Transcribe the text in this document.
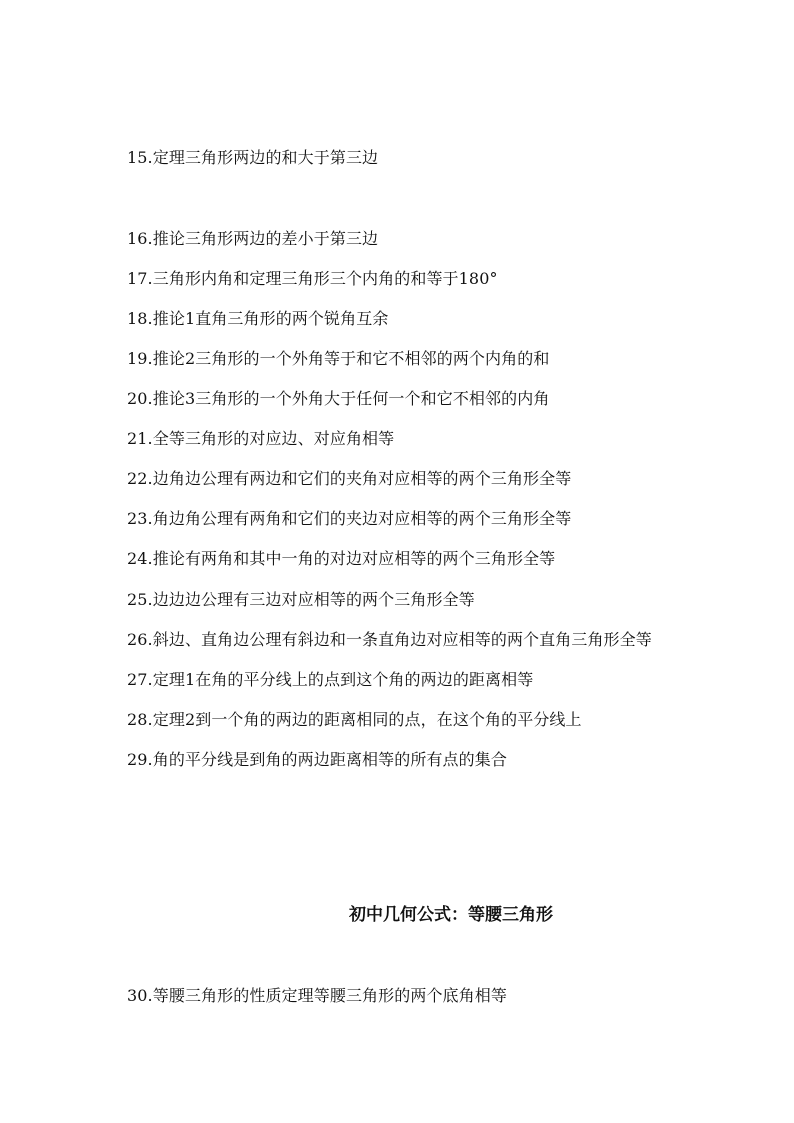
15.定理三角形两边的和大于第三边
16.推论三角形两边的差小于第三边
17.三角形内角和定理三角形三个内角的和等于180°
18.推论1直角三角形的两个锐角互余
19.推论2三角形的一个外角等于和它不相邻的两个内角的和
20.推论3三角形的一个外角大于任何一个和它不相邻的内角
21.全等三角形的对应边、对应角相等
22.边角边公理有两边和它们的夹角对应相等的两个三角形全等
23.角边角公理有两角和它们的夹边对应相等的两个三角形全等
24.推论有两角和其中一角的对边对应相等的两个三角形全等
25.边边边公理有三边对应相等的两个三角形全等
26.斜边、直角边公理有斜边和一条直角边对应相等的两个直角三角形全等
27.定理1在角的平分线上的点到这个角的两边的距离相等
28.定理2到一个角的两边的距离相同的点，在这个角的平分线上
29.角的平分线是到角的两边距离相等的所有点的集合
初中几何公式：等腰三角形
30.等腰三角形的性质定理等腰三角形的两个底角相等
